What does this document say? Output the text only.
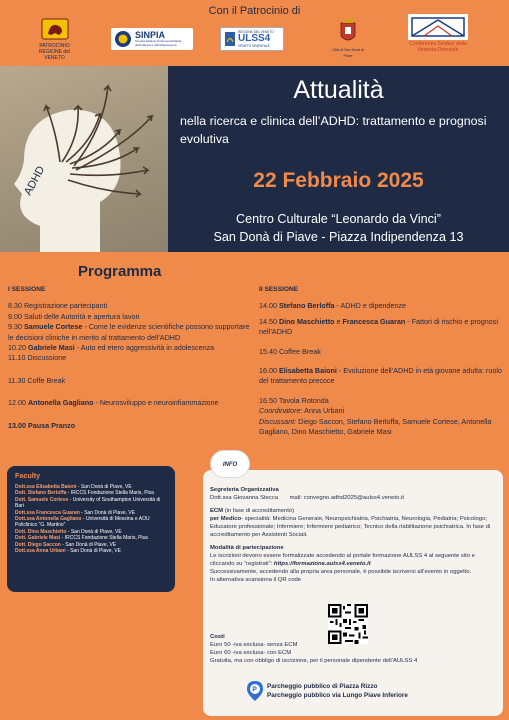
Con il Patrocinio di
PATROCINIO REGIONE del VENETO
SINPIA
Società Italiana di Neuropsichiatria dell'Infanzia e dell'Adolescenza
REGIONE DEL VENETO
ULSS4
VENETO ORIENTALE
Città di San Donà di Piave
Conferenza Sindaci della Venezia Orientale
ADHD
Attualità
nella ricerca e clinica dell’ADHD: trattamento e prognosi evolutiva
22 Febbraio 2025
Centro Culturale “Leonardo da Vinci”
San Donà di Piave - Piazza Indipendenza 13
Programma
I SESSIONE
8.30 Registrazione partecipanti
9.00 Saluti delle Autorità e apertura lavori
9.30 Samuele Cortese - Come le evidenze scientifiche possono supportare le decisioni cliniche in merito al trattamento dell’ADHD
10.20 Gabriele Masi - Auto ed etero aggressività in adolescenza
11.10 Discussione
11.30 Coffe Break
12.00 Antonella Gagliano - Neurosviluppo e neuroinfiammazione
13.00 Pausa Pranzo
II SESSIONE
14.00 Stefano Berloffa - ADHD e dipendenze
14.50 Dino Maschietto e Francesca Guaran - Fattori di rischio e prognosi nell’ADHD
15.40 Coffee Break
16.00 Elisabetta Baioni - Evoluzione dell’ADHD in età giovane adulta: ruolo del trattamento precoce
16.50 Tavola Rotonda
Coordinatore: Anna Urbani
Discussant: Diego Saccon, Stefano Berloffa, Samuele Cortese, Antonella Gagliano, Dino Maschietto, Gabriele Masi
Faculty
Dott.ssa Elisabetta Baioni - San Donà di Piave, VE
Dott. Stefano Berloffa - IRCCS Fondazione Stella Maris, Pisa
Dott. Samuele Cortese - University of Southampton Università di Bari
Dott.ssa Francesca Guaran - San Donà di Piave, VE
Dott.ssa Antonella Gagliano - Università di Messina e AOU Policlinico “G. Martino”
Dott. Dino Maschietto - San Donà di Piave, VE
Dott. Gabriele Masi - IRCCS Fondazione Stella Maris, Pisa
Dott. Diego Saccon - San Donà di Piave, VE
Dott.ssa Anna Urbani - San Donà di Piave, VE
Segreteria Organizzativa
Dott.ssa Giovanna Stecca mail: convegno.adhd2025@aulss4.veneto.it
ECM (in fase di accreditamento)
per Medico- specialità: Medicina Generale, Neuropsichiatria, Psichiatria, Neurologia, Pediatria; Psicologo; Educatore professionale; Infermiere; Infermiere pediatrico; Tecnico della riabilitazione psichiatrica. In fase di accreditamento per Assistenti Sociali.
Modalità di partecipazione
Le iscrizioni devono essere formalizzate accedendo al portale formazione AULSS 4 al seguente sito e cliccando su “registrati”: https://formazione.aulss4.veneto.it
Successivamente, accedendo alla propria area personale, è possibile iscriversi all’evento in oggetto.
In alternativa scansiona il QR code
Costi
Euro 50 -iva esclusa- senza ECM
Euro 60 -iva esclusa- con ECM
Gratuita, ma con obbligo di iscrizione, per il personale dipendente dell’AULSS 4
INFO
P Parcheggio pubblico di Piazza Rizzo
Parcheggio pubblico via Lungo Piave Inferiore
